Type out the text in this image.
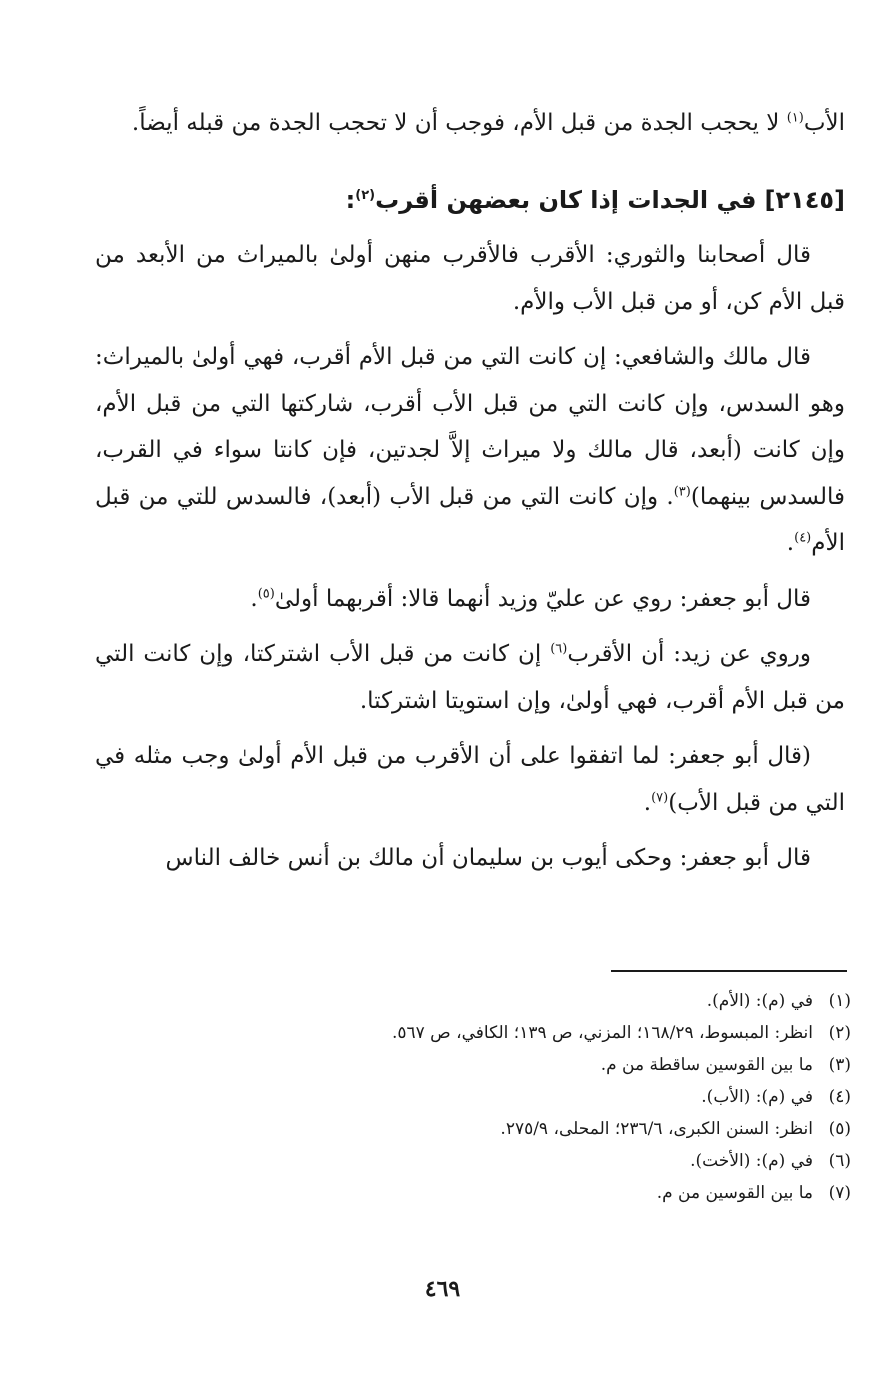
الأب$^{(١)}$ لا يحجب الجدة من قبل الأم، فوجب أن لا تحجب الجدة من قبله أيضاً.

[٢١٤٥]في الجدات إذا كان بعضهن أقرب$^{(٢)}$:

قال أصحابنا والثوري: الأقرب فالأقرب منهن أولىٰ بالميراث من الأبعد من قبل الأم كن، أو من قبل الأب والأم.

قال مالك والشافعي: إن كانت التي من قبل الأم أقرب، فهي أولىٰ بالميراث: وهو السدس، وإن كانت التي من قبل الأب أقرب، شاركتها التي من قبل الأم، وإن كانت (أبعد، قال مالك ولا ميراث إلاَّ لجدتين، فإن كانتا سواء في القرب، فالسدس بينهما)$^{(٣)}$. وإن كانت التي من قبل الأب (أبعد)، فالسدس للتي من قبل الأم$^{(٤)}$.

قال أبو جعفر: روي عن عليّ وزيد أنهما قالا: أقربهما أولىٰ$^{(٥)}$.

وروي عن زيد: أن الأقرب$^{(٦)}$ إن كانت من قبل الأب اشتركتا، وإن كانت التي من قبل الأم أقرب، فهي أولىٰ، وإن استويتا اشتركتا.

(قال أبو جعفر: لما اتفقوا على أن الأقرب من قبل الأم أولىٰ وجب مثله في التي من قبل الأب)$^{(٧)}$.

قال أبو جعفر: وحكى أيوب بن سليمان أن مالك بن أنس خالف الناس

(١)
في (م): (الأم).
(٢)
انظر: المبسوط، ١٦٨/٢٩؛ المزني، ص ١٣٩؛ الكافي، ص ٥٦٧.
(٣)
ما بين القوسين ساقطة من م.
(٤)
في (م): (الأب).
(٥)
انظر: السنن الكبرى، ٢٣٦/٦؛ المحلى، ٢٧٥/٩.
(٦)
في (م): (الأخت).
(٧)
ما بين القوسين من م.
٤٦٩
